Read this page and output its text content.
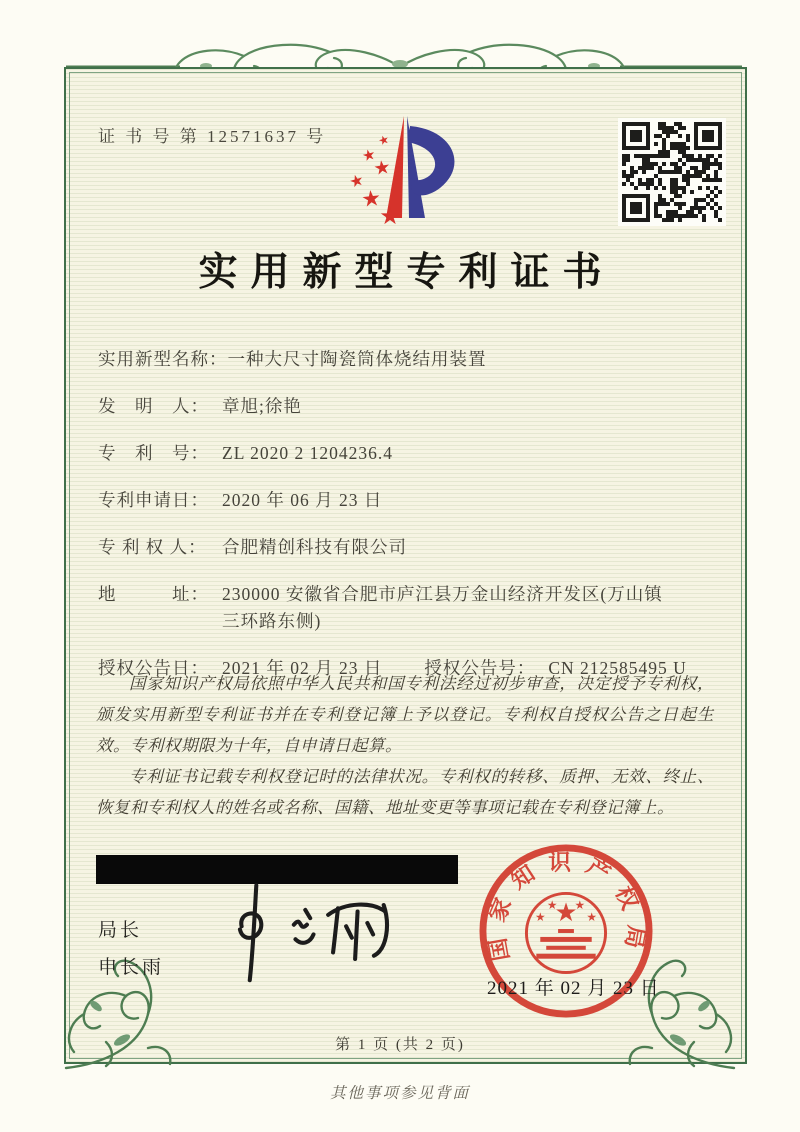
证 书 号 第 12571637 号	★
★
★
★
★
★
实用新型专利证书
实用新型名称： 一种大尺寸陶瓷筒体烧结用装置
发　明　人： 章旭;徐艳
专　利　号： ZL 2020 2 1204236.4
专利申请日： 2020 年 06 月 23 日
专 利 权 人： 合肥精创科技有限公司
地　　　址： 230000 安徽省合肥市庐江县万金山经济开发区(万山镇三环路东侧)
授权公告日： 2021 年 02 月 23 日 授权公告号： CN 212585495 U

国家知识产权局依照中华人民共和国专利法经过初步审查，决定授予专利权，颁发实用新型专利证书并在专利登记簿上予以登记。专利权自授权公告之日起生效。专利权期限为十年，自申请日起算。

专利证书记载专利权登记时的法律状况。专利权的转移、质押、无效、终止、恢复和专利权人的姓名或名称、国籍、地址变更等事项记载在专利登记簿上。

局长
申长雨
国家知识产权局
★
★
★ ★
★
2021 年 02 月 23 日
第 1 页 (共 2 页)
其他事项参见背面
